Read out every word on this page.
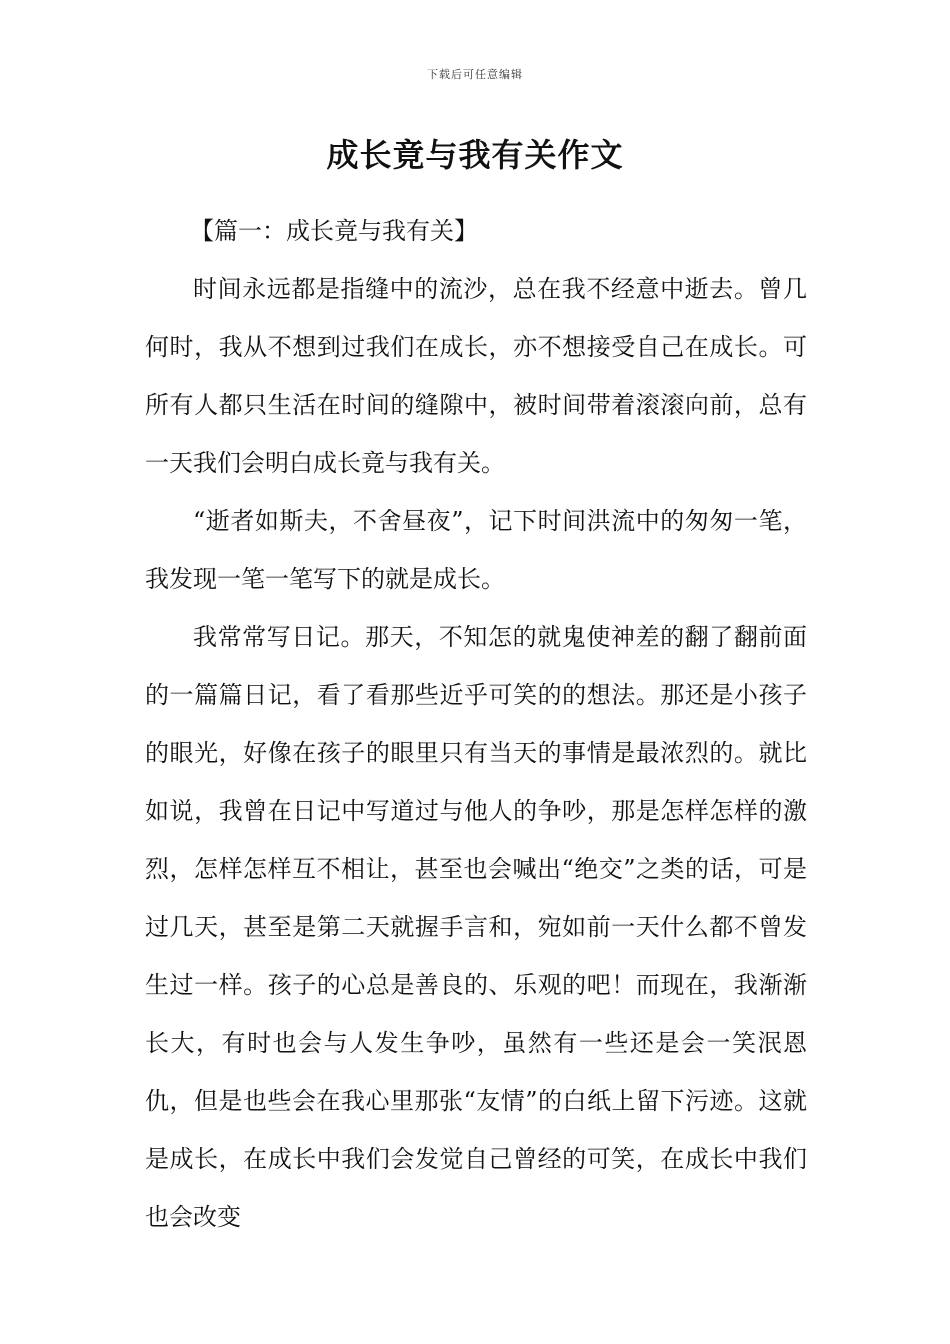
下载后可任意编辑
成长竟与我有关作文
【篇一：成长竟与我有关】

时间永远都是指缝中的流沙，总在我不经意中逝去。曾几何时，我从不想到过我们在成长，亦不想接受自己在成长。可所有人都只生活在时间的缝隙中，被时间带着滚滚向前，总有一天我们会明白成长竟与我有关。

“逝者如斯夫，不舍昼夜”，记下时间洪流中的匆匆一笔，我发现一笔一笔写下的就是成长。

我常常写日记。那天，不知怎的就鬼使神差的翻了翻前面的一篇篇日记，看了看那些近乎可笑的的想法。那还是小孩子的眼光，好像在孩子的眼里只有当天的事情是最浓烈的。就比如说，我曾在日记中写道过与他人的争吵，那是怎样怎样的激烈，怎样怎样互不相让，甚至也会喊出“绝交”之类的话，可是过几天，甚至是第二天就握手言和，宛如前一天什么都不曾发生过一样。孩子的心总是善良的、乐观的吧！而现在，我渐渐长大，有时也会与人发生争吵，虽然有一些还是会一笑泯恩仇，但是也些会在我心里那张“友情”的白纸上留下污迹。这就是成长，在成长中我们会发觉自己曾经的可笑，在成长中我们也会改变
